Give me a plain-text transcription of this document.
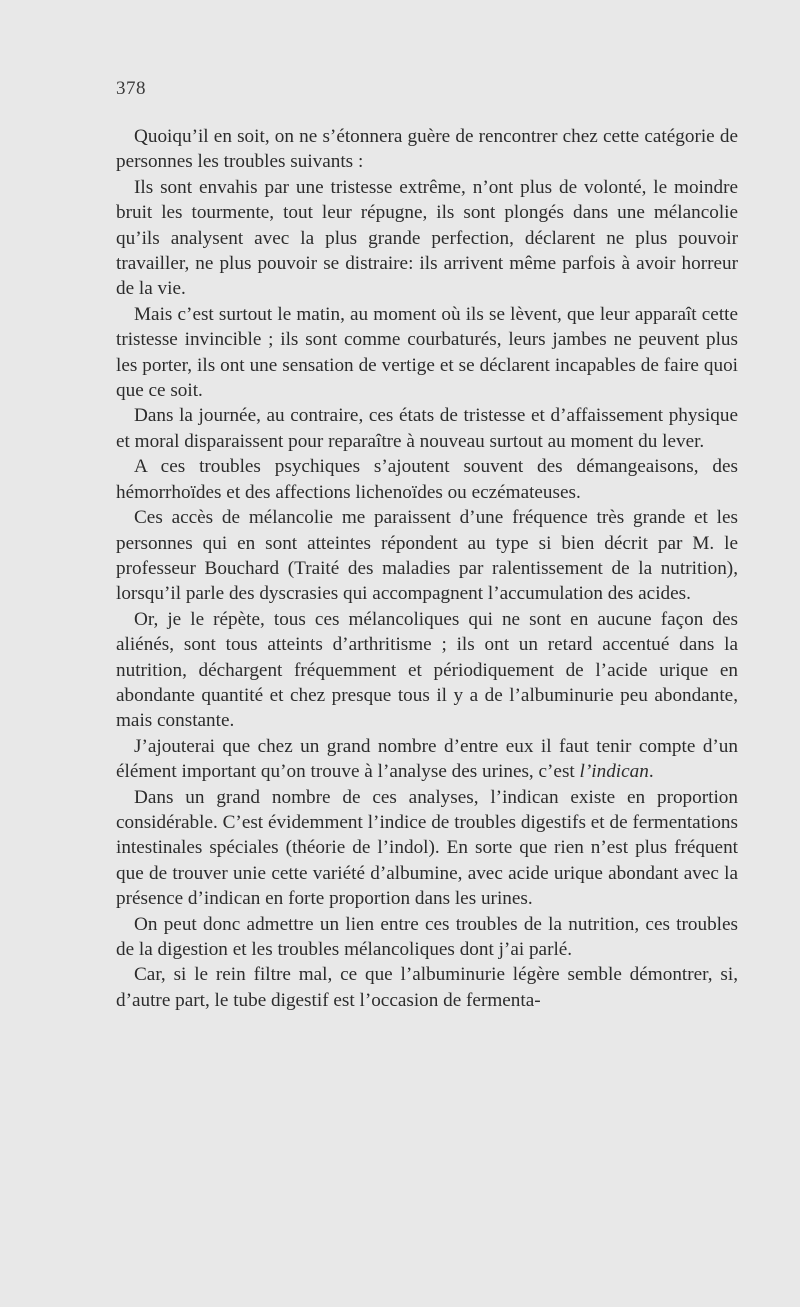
378

Quoiqu’il en soit, on ne s’étonnera guère de rencontrer chez cette catégorie de personnes les troubles suivants :

Ils sont envahis par une tristesse extrême, n’ont plus de volonté, le moindre bruit les tourmente, tout leur répugne, ils sont plongés dans une mélancolie qu’ils analysent avec la plus grande perfection, déclarent ne plus pouvoir travailler, ne plus pouvoir se distraire: ils arrivent même parfois à avoir horreur de la vie.

Mais c’est surtout le matin, au moment où ils se lèvent, que leur apparaît cette tristesse invincible ; ils sont comme courbaturés, leurs jambes ne peuvent plus les porter, ils ont une sensation de vertige et se déclarent incapables de faire quoi que ce soit.

Dans la journée, au contraire, ces états de tristesse et d’affaissement physique et moral disparaissent pour reparaître à nouveau surtout au moment du lever.

A ces troubles psychiques s’ajoutent souvent des démangeaisons, des hémorrhoïdes et des affections lichenoïdes ou eczémateuses.

Ces accès de mélancolie me paraissent d’une fréquence très grande et les personnes qui en sont atteintes répondent au type si bien décrit par M. le professeur Bouchard (Traité des maladies par ralentissement de la nutrition), lorsqu’il parle des dyscrasies qui accompagnent l’accumulation des acides.

Or, je le répète, tous ces mélancoliques qui ne sont en aucune façon des aliénés, sont tous atteints d’arthritisme ; ils ont un retard accentué dans la nutrition, déchargent fréquemment et périodiquement de l’acide urique en abondante quantité et chez presque tous il y a de l’albuminurie peu abondante, mais constante.

J’ajouterai que chez un grand nombre d’entre eux il faut tenir compte d’un élément important qu’on trouve à l’analyse des urines, c’est l’indican.

Dans un grand nombre de ces analyses, l’indican existe en proportion considérable. C’est évidemment l’indice de troubles digestifs et de fermentations intestinales spéciales (théorie de l’indol). En sorte que rien n’est plus fréquent que de trouver unie cette variété d’albumine, avec acide urique abondant avec la présence d’indican en forte proportion dans les urines.

On peut donc admettre un lien entre ces troubles de la nutrition, ces troubles de la digestion et les troubles mélancoliques dont j’ai parlé.

Car, si le rein filtre mal, ce que l’albuminurie légère semble démontrer, si, d’autre part, le tube digestif est l’occasion de fermenta-
